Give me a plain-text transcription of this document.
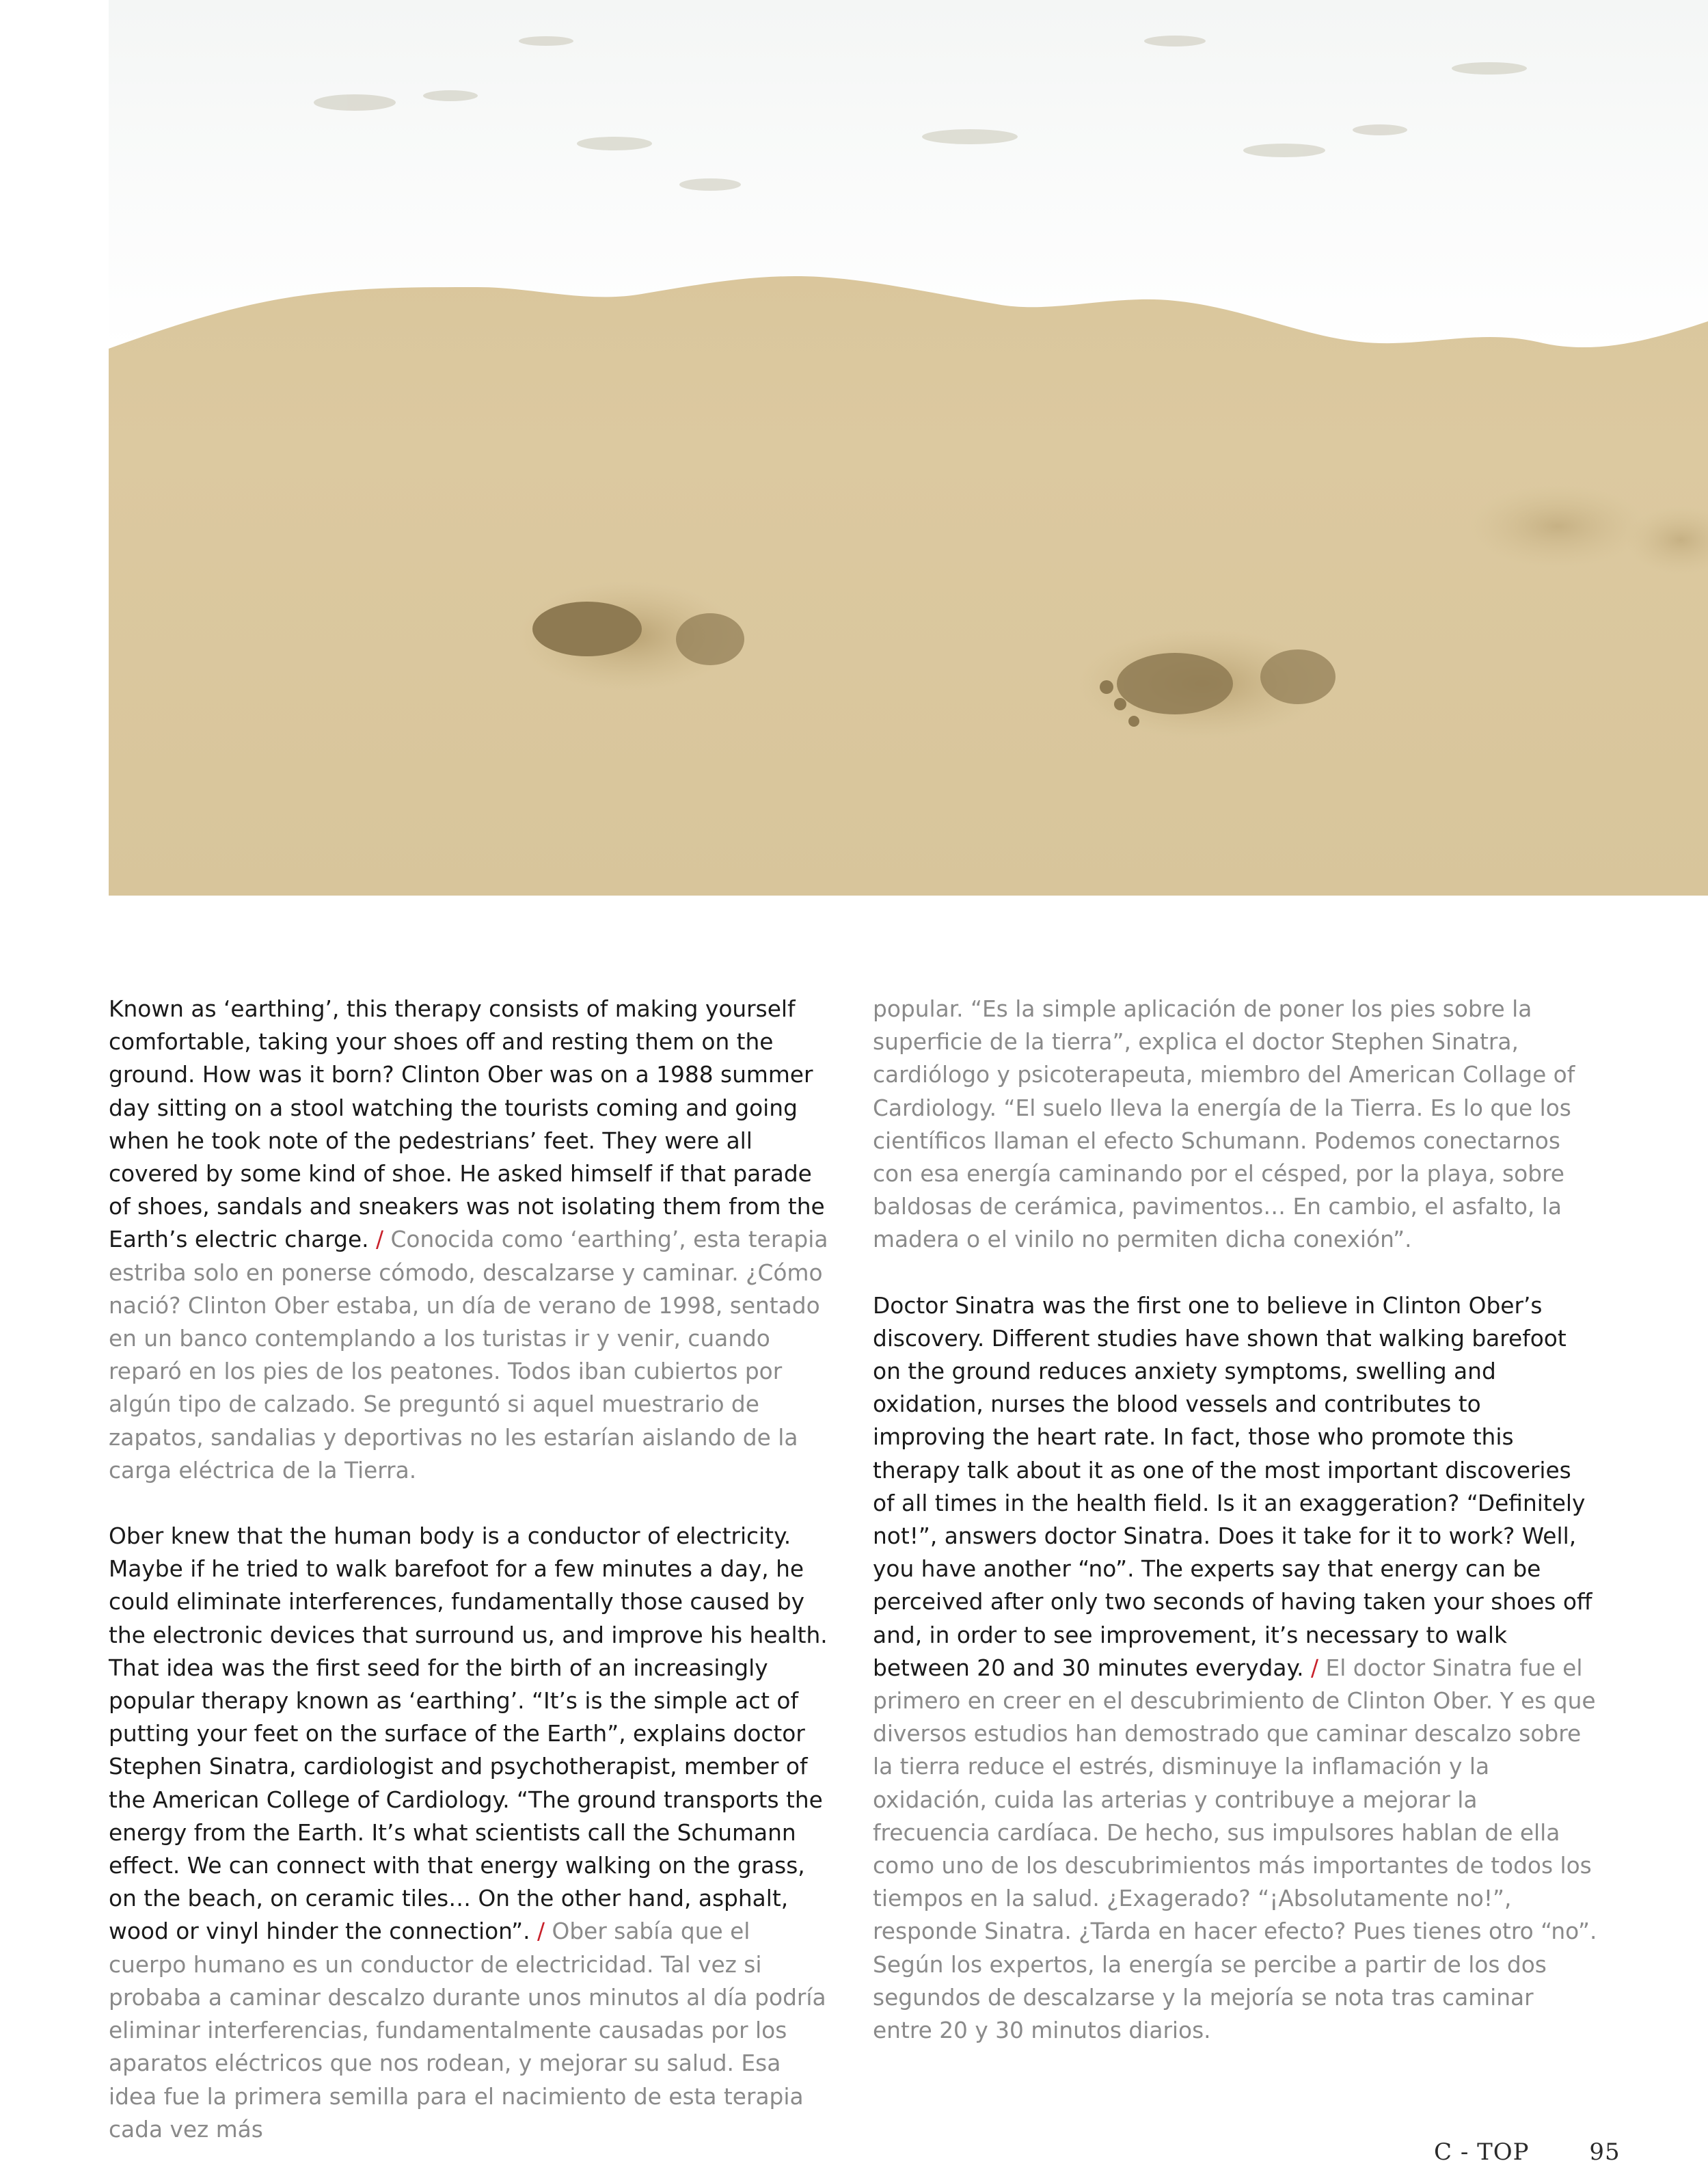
Known as ‘earthing’, this therapy consists of making yourself comfortable, taking your shoes off and resting them on the ground. How was it born? Clinton Ober was on a 1988 summer day sitting on a stool watching the tourists coming and going when he took note of the pedestrians’ feet. They were all covered by some kind of shoe. He asked himself if that parade of shoes, sandals and sneakers was not isolating them from the Earth’s electric charge. / Conocida como ‘earthing’, esta terapia estriba solo en ponerse cómodo, descalzarse y caminar. ¿Cómo nació? Clinton Ober estaba, un día de verano de 1998, sentado en un banco contemplando a los turistas ir y venir, cuando reparó en los pies de los peatones. Todos iban cubiertos por algún tipo de calzado. Se preguntó si aquel muestrario de zapatos, sandalias y deportivas no les estarían aislando de la carga eléctrica de la Tierra.

Ober knew that the human body is a conductor of electricity. Maybe if he tried to walk barefoot for a few minutes a day, he could eliminate interferences, fundamentally those caused by the electronic devices that surround us, and improve his health. That idea was the first seed for the birth of an increasingly popular therapy known as ‘earthing’. “It’s is the simple act of putting your feet on the surface of the Earth”, explains doctor Stephen Sinatra, cardiologist and psychotherapist, member of the American College of Cardiology. “The ground transports the energy from the Earth. It’s what scientists call the Schumann effect. We can connect with that energy walking on the grass, on the beach, on ceramic tiles… On the other hand, asphalt, wood or vinyl hinder the connection”. / Ober sabía que el cuerpo humano es un conductor de electricidad. Tal vez si probaba a caminar descalzo durante unos minutos al día podría eliminar interferencias, fundamentalmente causadas por los aparatos eléctricos que nos rodean, y mejorar su salud. Esa idea fue la primera semilla para el nacimiento de esta terapia cada vez más

popular. “Es la simple aplicación de poner los pies sobre la superficie de la tierra”, explica el doctor Stephen Sinatra, cardiólogo y psicoterapeuta, miembro del American Collage of Cardiology. “El suelo lleva la energía de la Tierra. Es lo que los científicos llaman el efecto Schumann. Podemos conectarnos con esa energía caminando por el césped, por la playa, sobre baldosas de cerámica, pavimentos… En cambio, el asfalto, la madera o el vinilo no permiten dicha conexión”.

Doctor Sinatra was the first one to believe in Clinton Ober’s discovery. Different studies have shown that walking barefoot on the ground reduces anxiety symptoms, swelling and oxidation, nurses the blood vessels and contributes to improving the heart rate. In fact, those who promote this therapy talk about it as one of the most important discoveries of all times in the health field. Is it an exaggeration? “Definitely not!”, answers doctor Sinatra. Does it take for it to work? Well, you have another “no”. The experts say that energy can be perceived after only two seconds of having taken your shoes off and, in order to see improvement, it’s necessary to walk between 20 and 30 minutes everyday. / El doctor Sinatra fue el primero en creer en el descubrimiento de Clinton Ober. Y es que diversos estudios han demostrado que caminar descalzo sobre la tierra reduce el estrés, disminuye la inflamación y la oxidación, cuida las arterias y contribuye a mejorar la frecuencia cardíaca. De hecho, sus impulsores hablan de ella como uno de los descubrimientos más importantes de todos los tiempos en la salud. ¿Exagerado? “¡Absolutamente no!”, responde Sinatra. ¿Tarda en hacer efecto? Pues tienes otro “no”. Según los expertos, la energía se percibe a partir de los dos segundos de descalzarse y la mejoría se nota tras caminar entre 20 y 30 minutos diarios.

C - TOP	95
